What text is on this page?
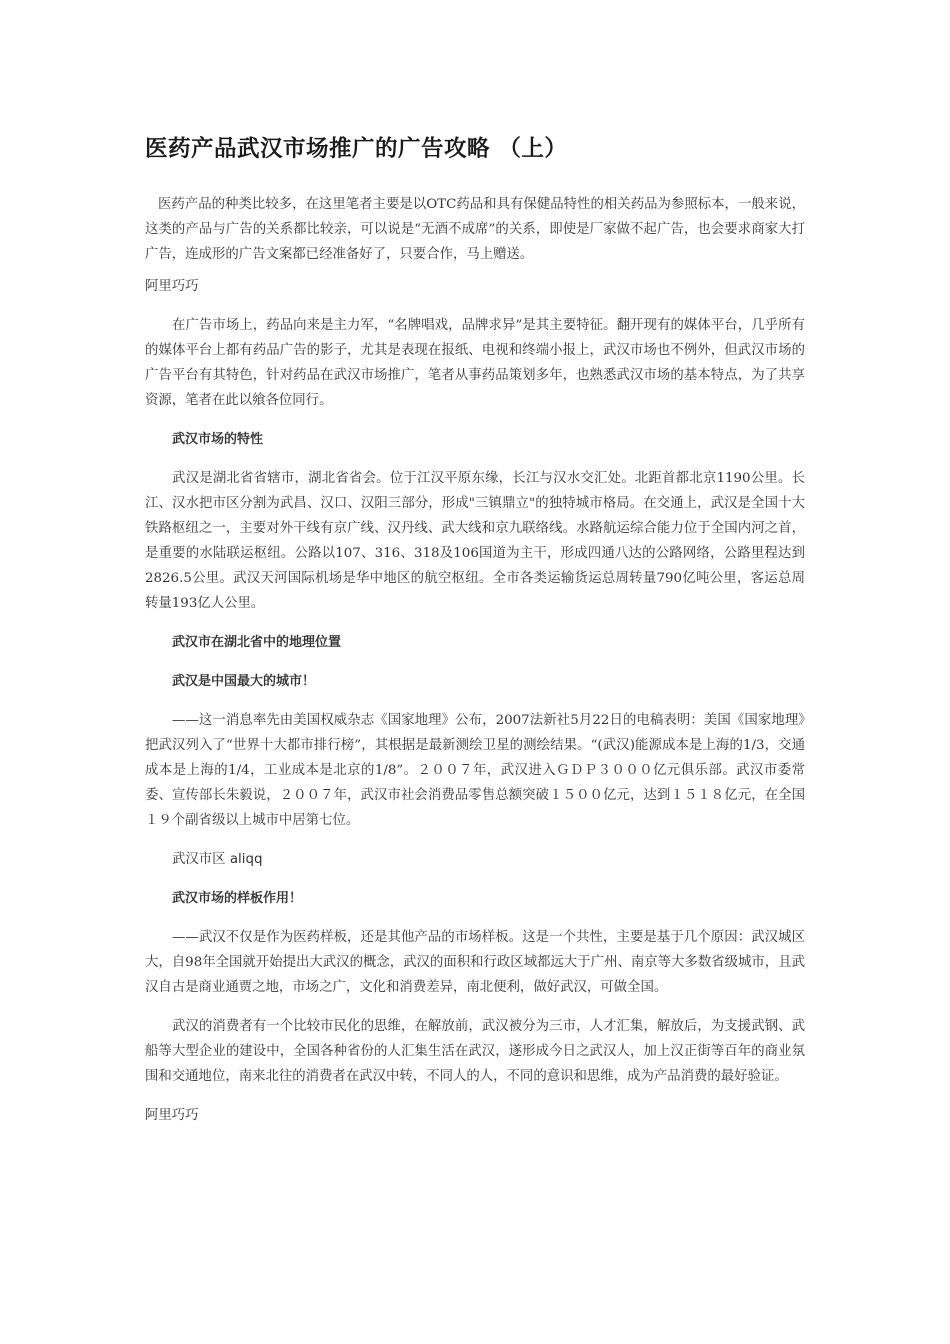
医药产品武汉市场推广的广告攻略 （上）

医药产品的种类比较多，在这里笔者主要是以OTC药品和具有保健品特性的相关药品为参照标本，一般来说，这类的产品与广告的关系都比较亲，可以说是“无酒不成席”的关系，即使是厂家做不起广告，也会要求商家大打广告，连成形的广告文案都已经准备好了，只要合作，马上赠送。

阿里巧巧

在广告市场上，药品向来是主力军，“名牌唱戏，品牌求异”是其主要特征。翻开现有的媒体平台，几乎所有的媒体平台上都有药品广告的影子，尤其是表现在报纸、电视和终端小报上，武汉市场也不例外，但武汉市场的广告平台有其特色，针对药品在武汉市场推广，笔者从事药品策划多年，也熟悉武汉市场的基本特点，为了共享资源，笔者在此以飨各位同行。

武汉市场的特性

武汉是湖北省省辖市，湖北省省会。位于江汉平原东缘，长江与汉水交汇处。北距首都北京1190公里。长江、汉水把市区分割为武昌、汉口、汉阳三部分，形成"三镇鼎立"的独特城市格局。在交通上，武汉是全国十大铁路枢纽之一，主要对外干线有京广线、汉丹线、武大线和京九联络线。水路航运综合能力位于全国内河之首，是重要的水陆联运枢纽。公路以107、316、318及106国道为主干，形成四通八达的公路网络，公路里程达到2826.5公里。武汉天河国际机场是华中地区的航空枢纽。全市各类运输货运总周转量790亿吨公里，客运总周转量193亿人公里。

武汉市在湖北省中的地理位置

武汉是中国最大的城市！

——这一消息率先由美国权威杂志《国家地理》公布，2007法新社5月22日的电稿表明：美国《国家地理》把武汉列入了“世界十大都市排行榜”，其根据是最新测绘卫星的测绘结果。“(武汉)能源成本是上海的1/3，交通成本是上海的1/4，工业成本是北京的1/8”。２００７年，武汉进入ＧＤＰ３０００亿元俱乐部。武汉市委常委、宣传部长朱毅说，２００７年，武汉市社会消费品零售总额突破１５００亿元，达到１５１８亿元，在全国１９个副省级以上城市中居第七位。

武汉市区 aliqq

武汉市场的样板作用！

——武汉不仅是作为医药样板，还是其他产品的市场样板。这是一个共性，主要是基于几个原因：武汉城区大，自98年全国就开始提出大武汉的概念，武汉的面积和行政区域都远大于广州、南京等大多数省级城市，且武汉自古是商业通贾之地，市场之广，文化和消费差异，南北便利，做好武汉，可做全国。

武汉的消费者有一个比较市民化的思维，在解放前，武汉被分为三市，人才汇集，解放后，为支援武钢、武船等大型企业的建设中，全国各种省份的人汇集生活在武汉，遂形成今日之武汉人，加上汉正街等百年的商业氛围和交通地位，南来北往的消费者在武汉中转，不同人的人，不同的意识和思维，成为产品消费的最好验证。

阿里巧巧
